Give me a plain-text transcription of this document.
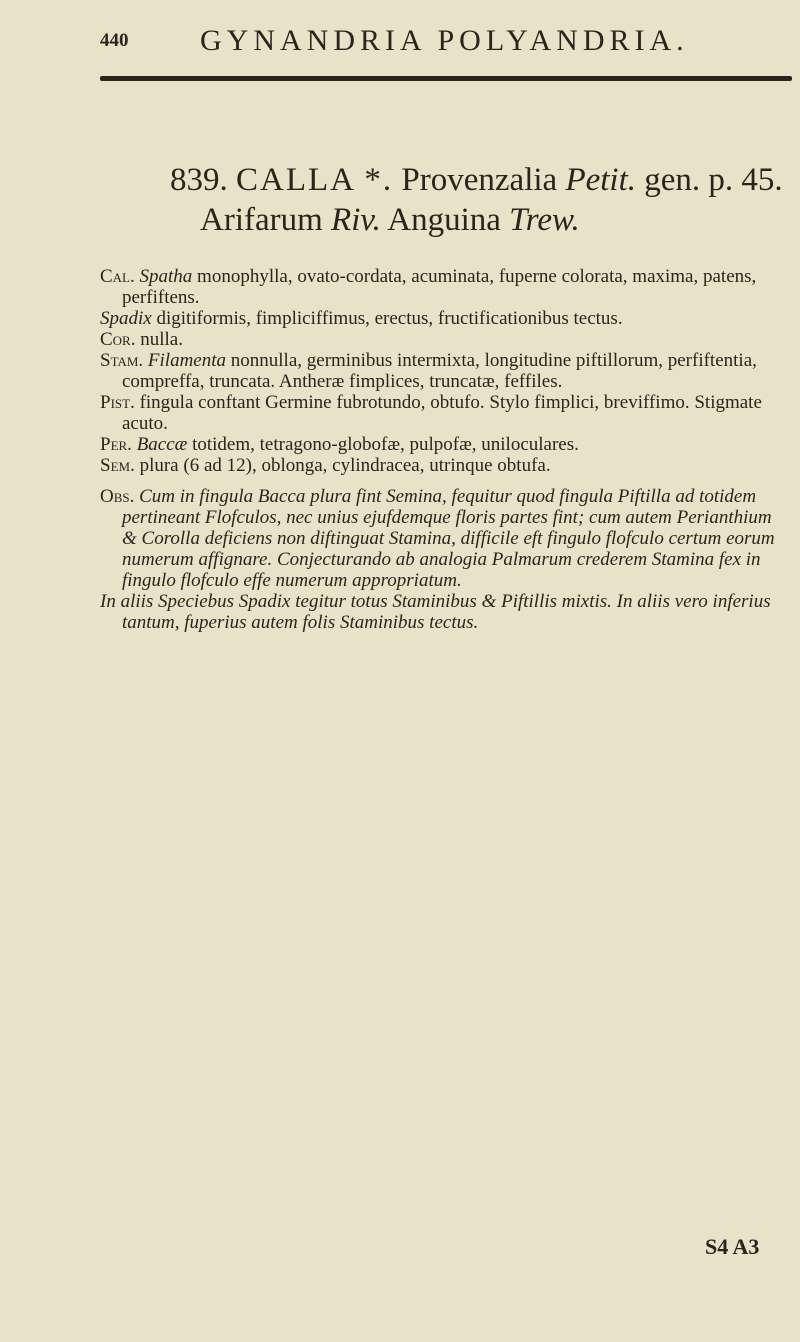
440 GYNANDRIA POLYANDRIA.
839. CALLA *. Provenzalia Petit. gen. p. 45.
Arifarum Riv. Anguina Trew.

Cal. Spatha monophylla, ovato-cordata, acuminata, fuperne colorata, maxima, patens, perfiftens.

Spadix digitiformis, fimpliciffimus, erectus, fructificationibus tectus.

Cor. nulla.

Stam. Filamenta nonnulla, germinibus intermixta, longitudine piftillorum, perfiftentia, compreffa, truncata. Antheræ fimplices, truncatæ, feffiles.

Pist. fingula conftant Germine fubrotundo, obtufo. Stylo fimplici, breviffimo. Stigmate acuto.

Per. Baccæ totidem, tetragono-globofæ, pulpofæ, uniloculares.

Sem. plura (6 ad 12), oblonga, cylindracea, utrinque obtufa.

Obs. Cum in fingula Bacca plura fint Semina, fequitur quod fingula Piftilla ad totidem pertineant Flofculos, nec unius ejufdemque floris partes fint; cum autem Perianthium & Corolla deficiens non diftinguat Stamina, difficile eft fingulo flofculo certum eorum numerum affignare. Conjecturando ab analogia Palmarum crederem Stamina fex in fingulo flofculo effe numerum appropriatum.

In aliis Speciebus Spadix tegitur totus Staminibus & Piftillis mixtis. In aliis vero inferius tantum, fuperius autem folis Staminibus tectus.

S4 A3
